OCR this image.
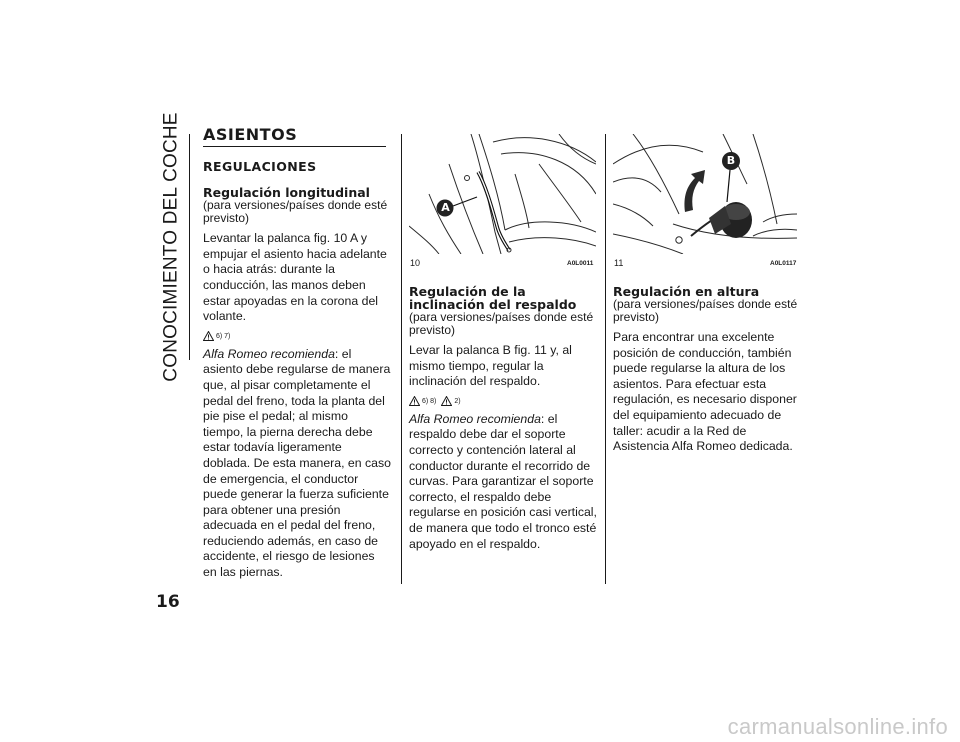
CONOCIMIENTO DEL COCHE
16
ASIENTOS
REGULACIONES
Regulación longitudinal

(para versiones/países donde esté previsto)

Levantar la palanca fig. 10 A y empujar el asiento hacia adelante o hacia atrás: durante la conducción, las manos deben estar apoyadas en la corona del volante.

6) 7)

Alfa Romeo recomienda: el asiento debe regularse de manera que, al pisar completamente el pedal del freno, toda la planta del pie pise el pedal; al mismo tiempo, la pierna derecha debe estar todavía ligeramente doblada. De esta manera, en caso de emergencia, el conductor puede generar la fuerza suficiente para obtener una presión adecuada en el pedal del freno, reduciendo además, en caso de accidente, el riesgo de lesiones en las piernas.

A
10	A0L0011
Regulación de la
inclinación del respaldo

(para versiones/países donde esté previsto)

Levar la palanca B fig. 11 y, al mismo tiempo, regular la inclinación del respaldo.

6) 8)	2)

Alfa Romeo recomienda: el respaldo debe dar el soporte correcto y contención lateral al conductor durante el recorrido de curvas. Para garantizar el soporte correcto, el respaldo debe regularse en posición casi vertical, de manera que todo el tronco esté apoyado en el respaldo.

B
11	A0L0117
Regulación en altura

(para versiones/países donde esté previsto)

Para encontrar una excelente posición de conducción, también puede regularse la altura de los asientos. Para efectuar esta regulación, es necesario disponer del equipamiento adecuado de taller: acudir a la Red de Asistencia Alfa Romeo dedicada.

carmanualsonline.info
